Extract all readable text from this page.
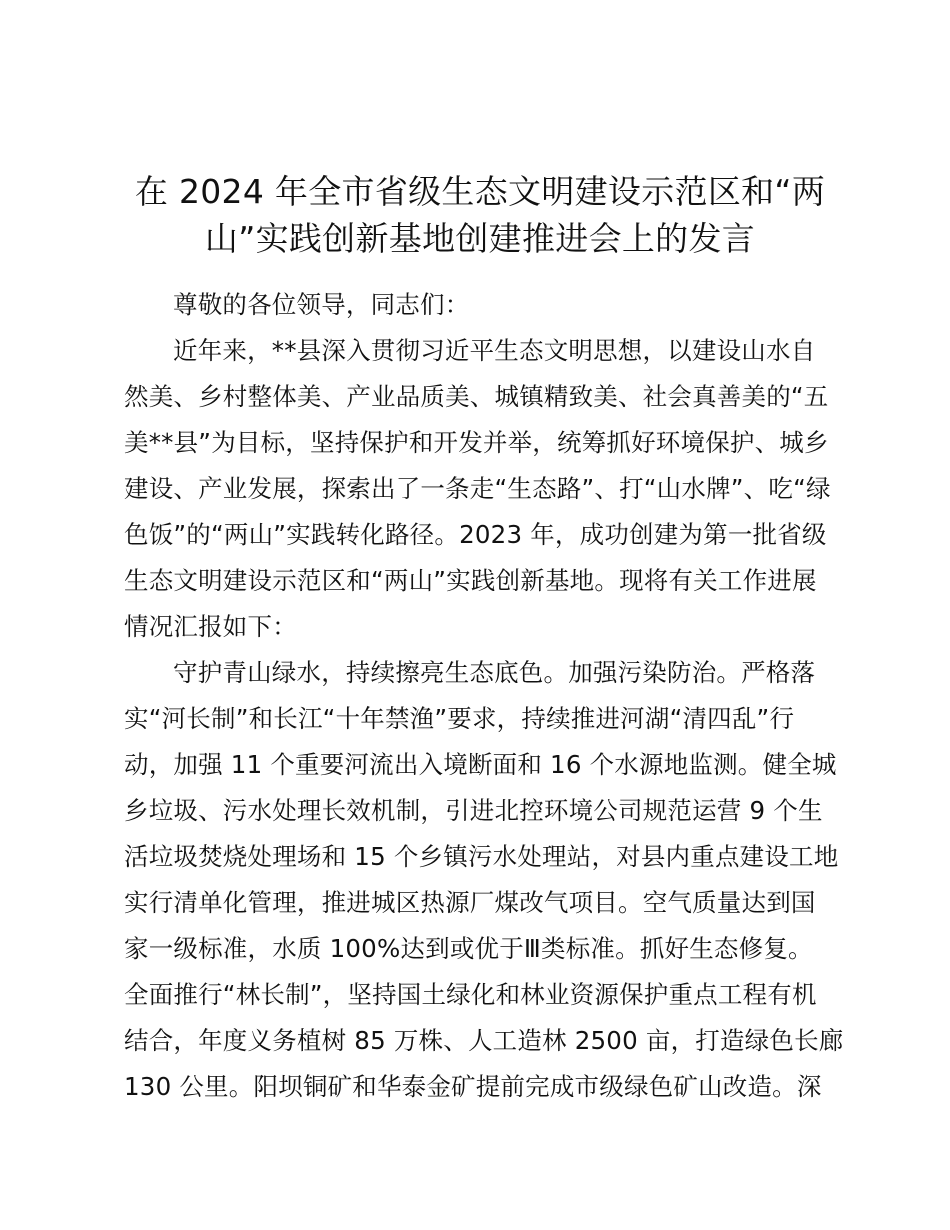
在 2024 年全市省级生态文明建设示范区和“两
山”实践创新基地创建推进会上的发言
尊敬的各位领导，同志们：
近年来，**县深入贯彻习近平生态文明思想，以建设山水自
然美、乡村整体美、产业品质美、城镇精致美、社会真善美的“五
美**县”为目标，坚持保护和开发并举，统筹抓好环境保护、城乡
建设、产业发展，探索出了一条走“生态路”、打“山水牌”、吃“绿
色饭”的“两山”实践转化路径。2023 年，成功创建为第一批省级
生态文明建设示范区和“两山”实践创新基地。现将有关工作进展
情况汇报如下：
守护青山绿水，持续擦亮生态底色。加强污染防治。严格落
实“河长制”和长江“十年禁渔”要求，持续推进河湖“清四乱”行
动，加强 11 个重要河流出入境断面和 16 个水源地监测。健全城
乡垃圾、污水处理长效机制，引进北控环境公司规范运营 9 个生
活垃圾焚烧处理场和 15 个乡镇污水处理站，对县内重点建设工地
实行清单化管理，推进城区热源厂煤改气项目。空气质量达到国
家一级标准，水质 100%达到或优于Ⅲ类标准。抓好生态修复。
全面推行“林长制”，坚持国土绿化和林业资源保护重点工程有机
结合，年度义务植树 85 万株、人工造林 2500 亩，打造绿色长廊
130 公里。阳坝铜矿和华泰金矿提前完成市级绿色矿山改造。深
